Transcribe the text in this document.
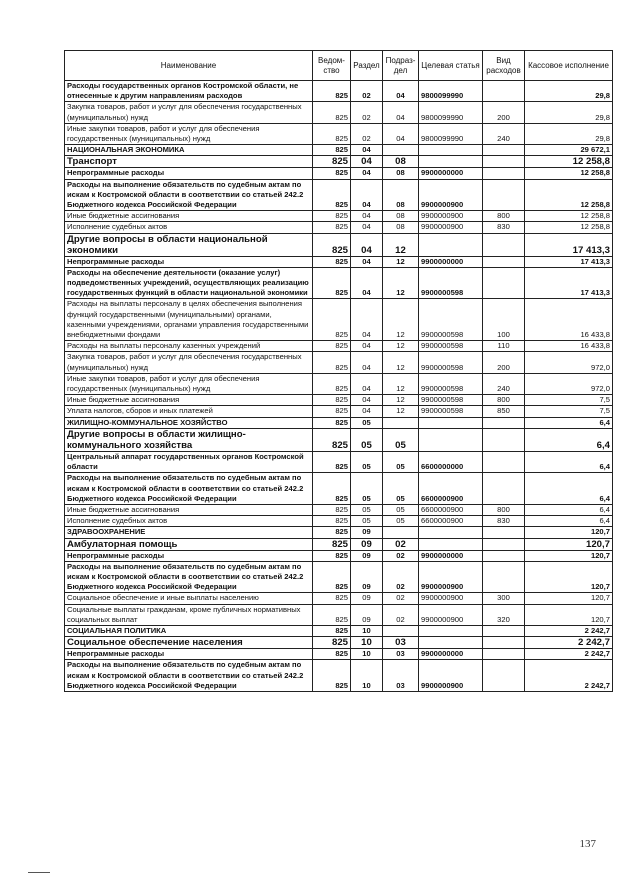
Наименование	Ведом-ство	Раздел	Подраз-дел	Целевая статья	Вид расходов	Кассовое исполнение
Расходы государственных органов Костромской области, не отнесенные к другим направлениям расходов	825	02	04	9800099990		29,8
Закупка товаров, работ и услуг для обеспечения государственных (муниципальных) нужд	825	02	04	9800099990	200	29,8
Иные закупки товаров, работ и услуг для обеспечения государственных (муниципальных) нужд	825	02	04	9800099990	240	29,8
НАЦИОНАЛЬНАЯ ЭКОНОМИКА	825	04				29 672,1
Транспорт	825	04	08			12 258,8
Непрограммные расходы	825	04	08	9900000000		12 258,8
Расходы на выполнение обязательств по судебным актам по искам к Костромской области в соответствии со статьей 242.2 Бюджетного кодекса Российской Федерации	825	04	08	9900000900		12 258,8
Иные бюджетные ассигнования	825	04	08	9900000900	800	12 258,8
Исполнение судебных актов	825	04	08	9900000900	830	12 258,8
Другие вопросы в области национальной экономики	825	04	12			17 413,3
Непрограммные расходы	825	04	12	9900000000		17 413,3
Расходы на обеспечение деятельности (оказание услуг) подведомственных учреждений, осуществляющих реализацию государственных функций в области национальной экономики	825	04	12	9900000598		17 413,3
Расходы на выплаты персоналу в целях обеспечения выполнения функций государственными (муниципальными) органами, казенными учреждениями, органами управления государственными внебюджетными фондами	825	04	12	9900000598	100	16 433,8
Расходы на выплаты персоналу казенных учреждений	825	04	12	9900000598	110	16 433,8
Закупка товаров, работ и услуг для обеспечения государственных (муниципальных) нужд	825	04	12	9900000598	200	972,0
Иные закупки товаров, работ и услуг для обеспечения государственных (муниципальных) нужд	825	04	12	9900000598	240	972,0
Иные бюджетные ассигнования	825	04	12	9900000598	800	7,5
Уплата налогов, сборов и иных платежей	825	04	12	9900000598	850	7,5
ЖИЛИЩНО-КОММУНАЛЬНОЕ ХОЗЯЙСТВО	825	05				6,4
Другие вопросы в области жилищно-коммунального хозяйства	825	05	05			6,4
Центральный аппарат государственных органов Костромской области	825	05	05	6600000000		6,4
Расходы на выполнение обязательств по судебным актам по искам к Костромской области в соответствии со статьей 242.2 Бюджетного кодекса Российской Федерации	825	05	05	6600000900		6,4
Иные бюджетные ассигнования	825	05	05	6600000900	800	6,4
Исполнение судебных актов	825	05	05	6600000900	830	6,4
ЗДРАВООХРАНЕНИЕ	825	09				120,7
Амбулаторная помощь	825	09	02			120,7
Непрограммные расходы	825	09	02	9900000000		120,7
Расходы на выполнение обязательств по судебным актам по искам к Костромской области в соответствии со статьей 242.2 Бюджетного кодекса Российской Федерации	825	09	02	9900000900		120,7
Социальное обеспечение и иные выплаты населению	825	09	02	9900000900	300	120,7
Социальные выплаты гражданам, кроме публичных нормативных социальных выплат	825	09	02	9900000900	320	120,7
СОЦИАЛЬНАЯ ПОЛИТИКА	825	10				2 242,7
Социальное обеспечение населения	825	10	03			2 242,7
Непрограммные расходы	825	10	03	9900000000		2 242,7
Расходы на выполнение обязательств по судебным актам по искам к Костромской области в соответствии со статьей 242.2 Бюджетного кодекса Российской Федерации	825	10	03	9900000900		2 242,7
137
